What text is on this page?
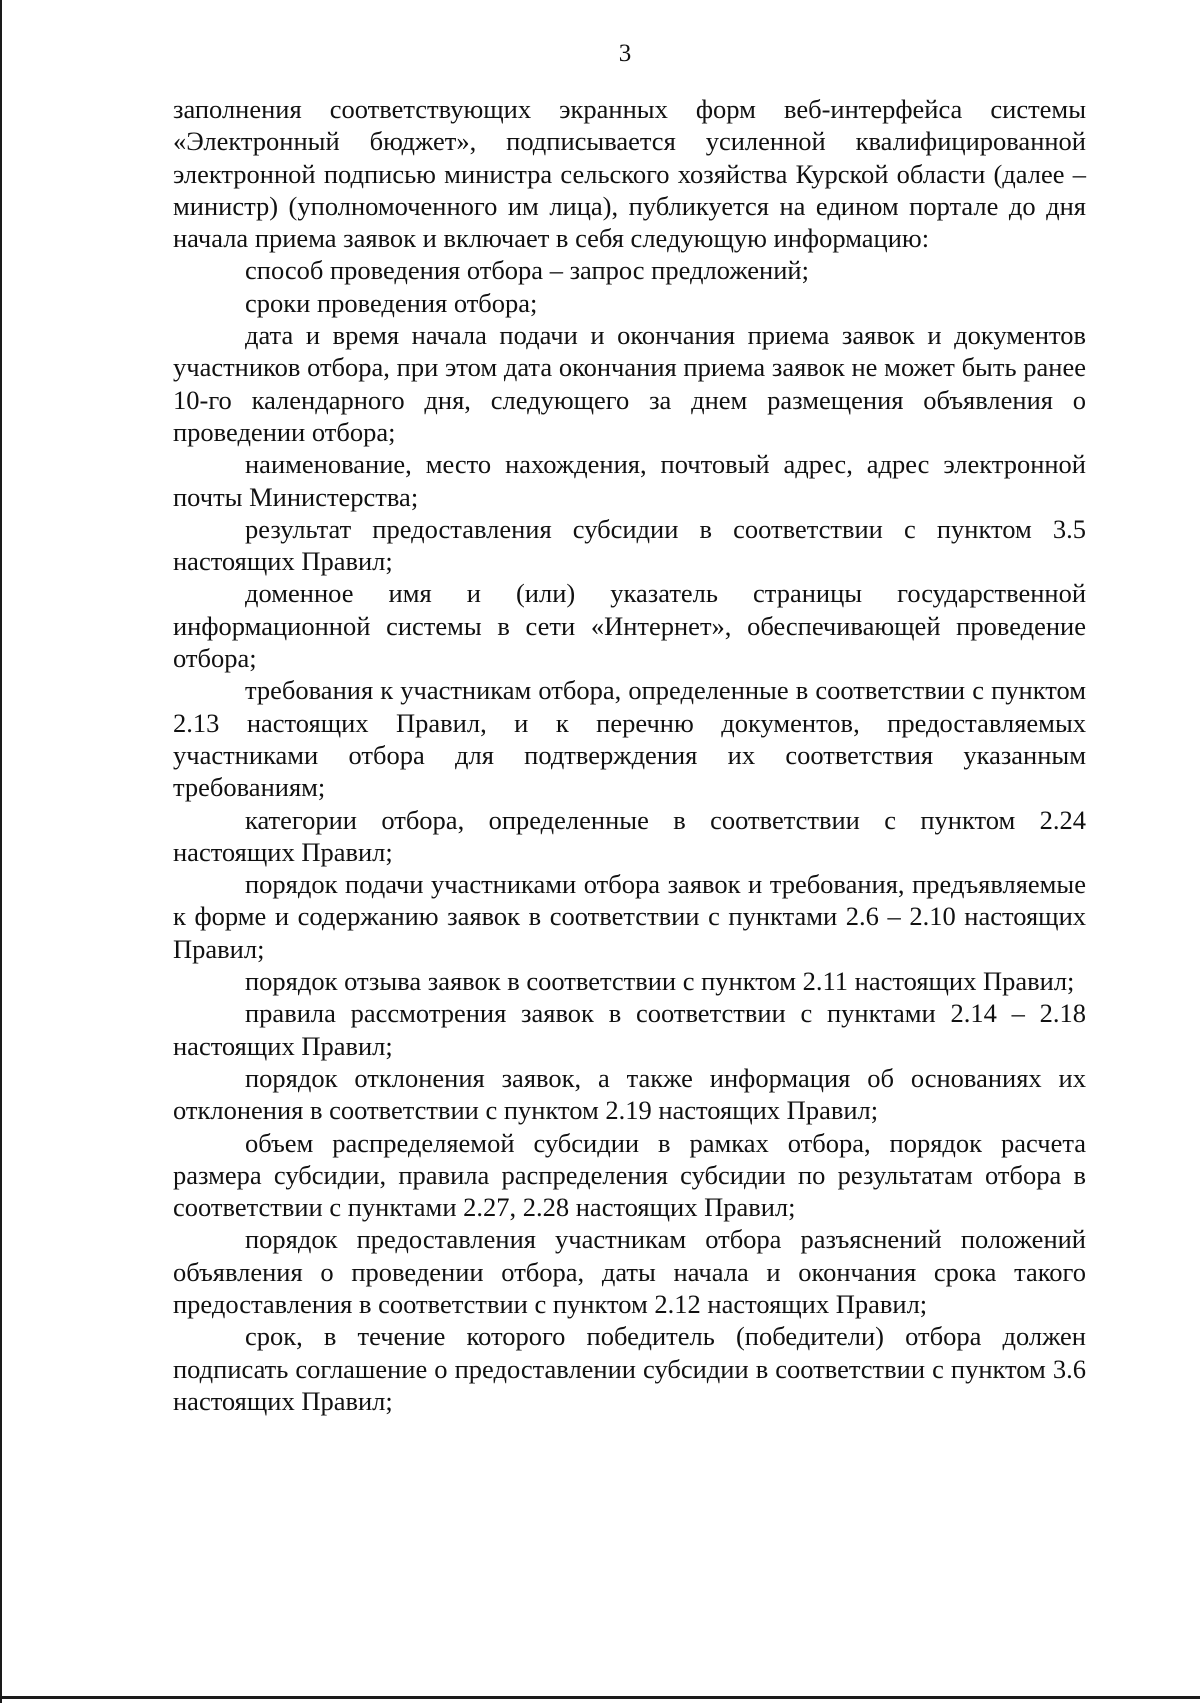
3

заполнения соответствующих экранных форм веб-интерфейса системы «Электронный бюджет», подписывается усиленной квалифицированной электронной подписью министра сельского хозяйства Курской области (далее – министр) (уполномоченного им лица), публикуется на едином портале до дня начала приема заявок и включает в себя следующую информацию:

способ проведения отбора – запрос предложений;

сроки проведения отбора;

дата и время начала подачи и окончания приема заявок и документов участников отбора, при этом дата окончания приема заявок не может быть ранее 10-го календарного дня, следующего за днем размещения объявления о проведении отбора;

наименование, место нахождения, почтовый адрес, адрес электронной почты Министерства;

результат предоставления субсидии в соответствии с пунктом 3.5 настоящих Правил;

доменное имя и (или) указатель страницы государственной информационной системы в сети «Интернет», обеспечивающей проведение отбора;

требования к участникам отбора, определенные в соответствии с пунктом 2.13 настоящих Правил, и к перечню документов, предоставляемых участниками отбора для подтверждения их соответствия указанным требованиям;

категории отбора, определенные в соответствии с пунктом 2.24 настоящих Правил;

порядок подачи участниками отбора заявок и требования, предъявляемые к форме и содержанию заявок в соответствии с пунктами 2.6 – 2.10 настоящих Правил;

порядок отзыва заявок в соответствии с пунктом 2.11 настоящих Правил;

правила рассмотрения заявок в соответствии с пунктами 2.14 – 2.18 настоящих Правил;

порядок отклонения заявок, а также информация об основаниях их отклонения в соответствии с пунктом 2.19 настоящих Правил;

объем распределяемой субсидии в рамках отбора, порядок расчета размера субсидии, правила распределения субсидии по результатам отбора в соответствии с пунктами 2.27, 2.28 настоящих Правил;

порядок предоставления участникам отбора разъяснений положений объявления о проведении отбора, даты начала и окончания срока такого предоставления в соответствии с пунктом 2.12 настоящих Правил;

срок, в течение которого победитель (победители) отбора должен подписать соглашение о предоставлении субсидии в соответствии с пунктом 3.6 настоящих Правил;
